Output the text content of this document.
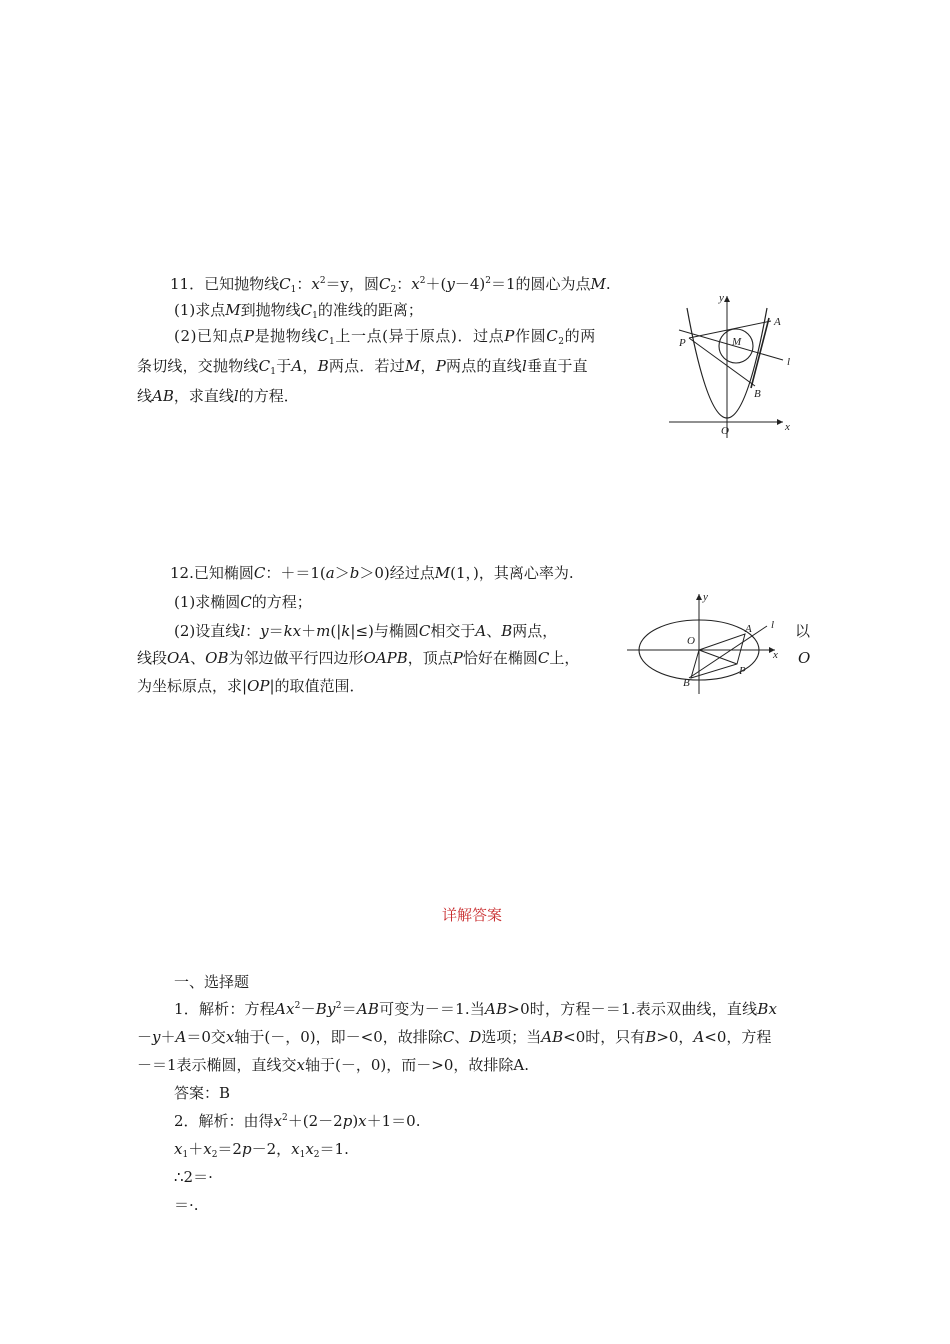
11．已知抛物线$C_1$：$x^2=y$，圆$C_2$：$x^2+(y-4)^2=1$的圆心为点M.
(1)求点M到抛物线$C_1$的准线的距离；
(2)已知点P是抛物线$C_1$上一点(异于原点)．过点P作圆$C_2$的两
条切线，交抛物线$C_1$于A，B两点．若过M，P两点的直线l垂直于直
线AB，求直线l的方程．
y
A
P	M
l
B
O	x
12.已知椭圆C：＋＝1(a＞b＞0)经过点M(1，)，其离心率为.
(1)求椭圆C的方程；
(2)设直线l：y＝kx＋m(|k|≤)与椭圆C相交于A、B两点，	以
线段OA、OB为邻边做平行四边形OAPB，顶点P恰好在椭圆C上，	O
为坐标原点，求|OP|的取值范围．
y
l
O
A
x
B
P
详解答案
一、选择题
1．解析：方程$Ax^2-By^2=AB$可变为－＝1.当AB>0时，方程－＝1.表示双曲线，直线Bx
－y＋A＝0交x轴于(－，0)，即－<0，故排除C、D选项；当AB<0时，只有B>0，A<0，方程
－＝1表示椭圆，直线交x轴于(－，0)，而－>0，故排除A.
答案：B
2．解析：由得$x^2+(2-2p)x+1=0$.
$x_1+x_2=2p-2$，$x_1x_2=1$.
∴2＝·
＝·.
